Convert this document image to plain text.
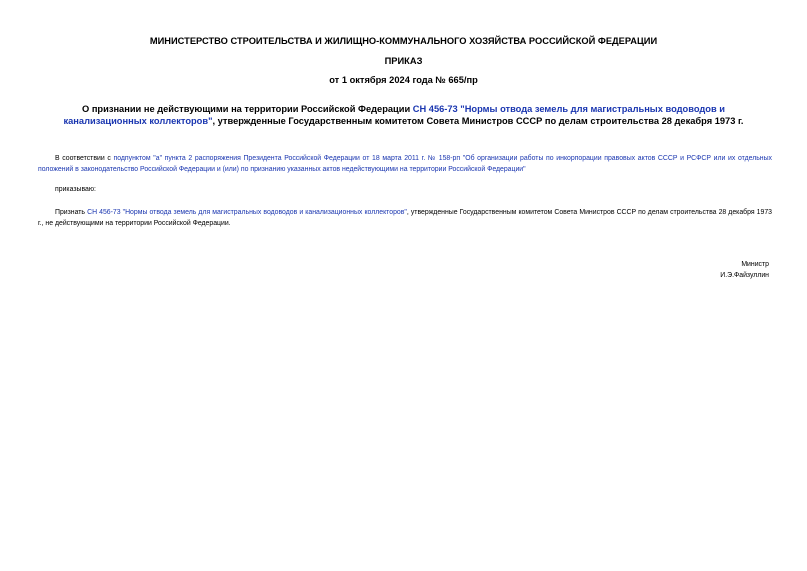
МИНИСТЕРСТВО СТРОИТЕЛЬСТВА И ЖИЛИЩНО-КОММУНАЛЬНОГО ХОЗЯЙСТВА РОССИЙСКОЙ ФЕДЕРАЦИИ
ПРИКАЗ
от 1 октября 2024 года № 665/пр
О признании не действующими на территории Российской Федерации СН 456-73 "Нормы отвода земель для магистральных водоводов и канализационных коллекторов", утвержденные Государственным комитетом Совета Министров СССР по делам строительства 28 декабря 1973 г.
В соответствии с подпунктом "а" пункта 2 распоряжения Президента Российской Федерации от 18 марта 2011 г. № 158-рп "Об организации работы по инкорпорации правовых актов СССР и РСФСР или их отдельных положений в законодательство Российской Федерации и (или) по признанию указанных актов недействующими на территории Российской Федерации"
приказываю:
Признать СН 456-73 "Нормы отвода земель для магистральных водоводов и канализационных коллекторов", утвержденные Государственным комитетом Совета Министров СССР по делам строительства 28 декабря 1973 г., не действующими на территории Российской Федерации.
Министр
И.Э.Файзуллин
